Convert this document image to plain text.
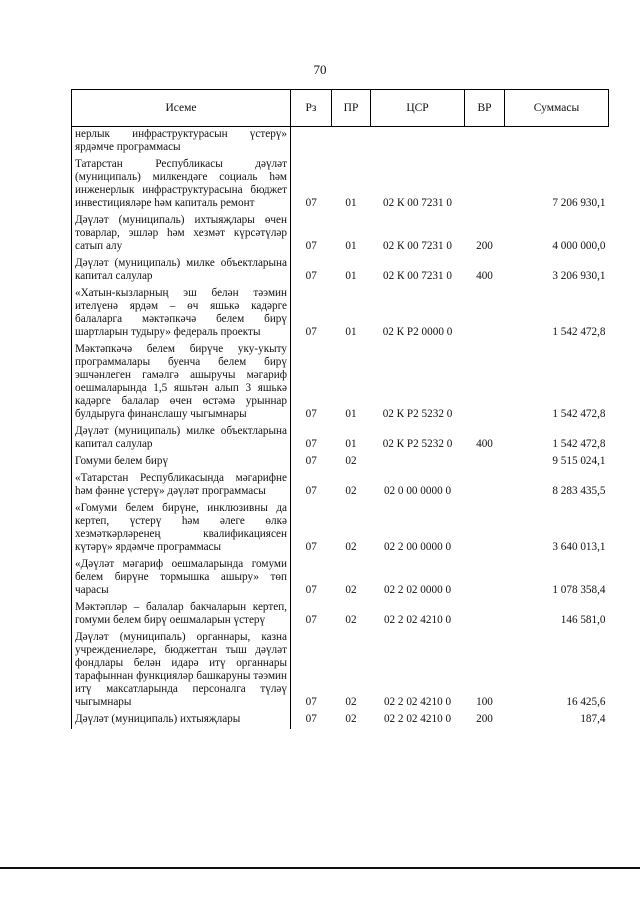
70
Исеме	Рз	ПР	ЦСР	ВР	Суммасы
нерлык инфраструктурасын үстерү» ярдәмче программасы					
Татарстан Республикасы дәүләт (муниципаль) милкендәге социаль һәм инженерлык инфраструктурасына бюджет инвестицияләре һәм капиталь ремонт	07	01	02 К 00 7231 0		7 206 930,1
Дәүләт (муниципаль) ихтыяҗлары өчен товарлар, эшләр һәм хезмәт күрсәтүләр сатып алу	07	01	02 К 00 7231 0	200	4 000 000,0
Дәүләт (муниципаль) милке объектларына капитал салулар	07	01	02 К 00 7231 0	400	3 206 930,1
«Хатын-кызларның эш белән тәэмин ителүенә ярдәм – өч яшькә кадәрге балаларга мәктәпкәчә белем бирү шартларын тудыру» федераль проекты	07	01	02 К Р2 0000 0		1 542 472,8
Мәктәпкәчә белем бирүче уку-укыту программалары буенча белем бирү эшчәнлеген гамәлгә ашыручы мәгариф оешмаларында 1,5 яшьтән алып 3 яшькә кадәрге балалар өчен өстәмә урыннар булдыруга финанслашу чыгымнары	07	01	02 К Р2 5232 0		1 542 472,8
Дәүләт (муниципаль) милке объектларына капитал салулар	07	01	02 К Р2 5232 0	400	1 542 472,8
Гомуми белем бирү	07	02			9 515 024,1
«Татарстан Республикасында мәгарифне һәм фәнне үстерү» дәүләт программасы	07	02	02 0 00 0000 0		8 283 435,5
«Гомуми белем бирүне, инклюзивны да кертеп, үстерү һәм әлеге өлкә хезмәткәрләренең квалификациясен күтәрү» ярдәмче программасы	07	02	02 2 00 0000 0		3 640 013,1
«Дәүләт мәгариф оешмаларында гомуми белем бирүне тормышка ашыру» төп чарасы	07	02	02 2 02 0000 0		1 078 358,4
Мәктәпләр – балалар бакчаларын кертеп, гомуми белем бирү оешмаларын үстерү	07	02	02 2 02 4210 0		146 581,0
Дәүләт (муниципаль) органнары, казна учреждениеләре, бюджеттан тыш дәүләт фондлары белән идарә итү органнары тарафыннан функцияләр башкаруны тәэмин итү максатларында персоналга түләү чыгымнары	07	02	02 2 02 4210 0	100	16 425,6
Дәүләт (муниципаль) ихтыяҗлары	07	02	02 2 02 4210 0	200	187,4
